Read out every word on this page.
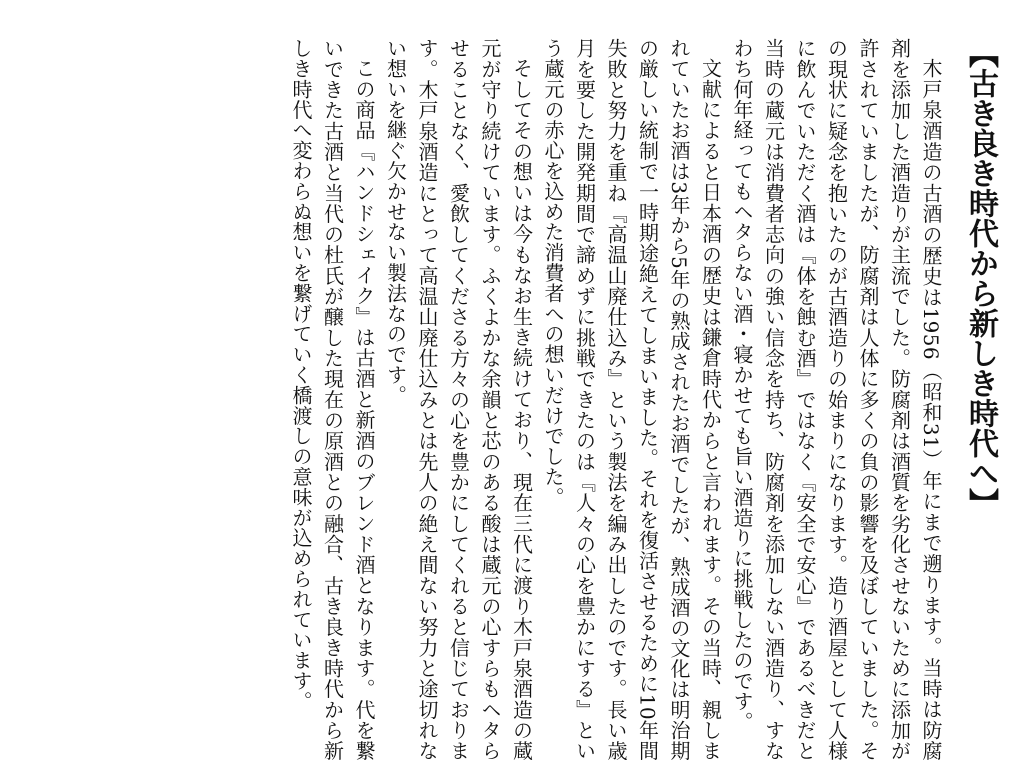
【古き良き時代から新しき時代へ】

木戸泉酒造の古酒の歴史は1956（昭和31）年にまで遡ります。当時は防腐剤を添加した酒造りが主流でした。防腐剤は酒質を劣化させないために添加が許されていましたが、防腐剤は人体に多くの負の影響を及ぼしていました。その現状に疑念を抱いたのが古酒造りの始まりになります。造り酒屋として人様に飲んでいただく酒は『体を蝕む酒』ではなく『安全で安心』であるべきだと当時の蔵元は消費者志向の強い信念を持ち、防腐剤を添加しない酒造り、すなわち何年経ってもヘタらない酒・寝かせても旨い酒造りに挑戦したのです。

文献によると日本酒の歴史は鎌倉時代からと言われます。その当時、親しまれていたお酒は3年から5年の熟成されたお酒でしたが、熟成酒の文化は明治期の厳しい統制で一時期途絶えてしまいました。それを復活させるために10年間失敗と努力を重ね『高温山廃仕込み』という製法を編み出したのです。長い歳月を要した開発期間で諦めずに挑戦できたのは『人々の心を豊かにする』という蔵元の赤心を込めた消費者への想いだけでした。

そしてその想いは今もなお生き続けており、現在三代に渡り木戸泉酒造の蔵元が守り続けています。ふくよかな余韻と芯のある酸は蔵元の心すらもヘタらせることなく、愛飲してくださる方々の心を豊かにしてくれると信じております。木戸泉酒造にとって高温山廃仕込みとは先人の絶え間ない努力と途切れない想いを継ぐ欠かせない製法なのです。

この商品『ハンドシェイク』は古酒と新酒のブレンド酒となります。代を繋いできた古酒と当代の杜氏が醸した現在の原酒との融合、古き良き時代から新しき時代へ変わらぬ想いを繋げていく橋渡しの意味が込められています。
